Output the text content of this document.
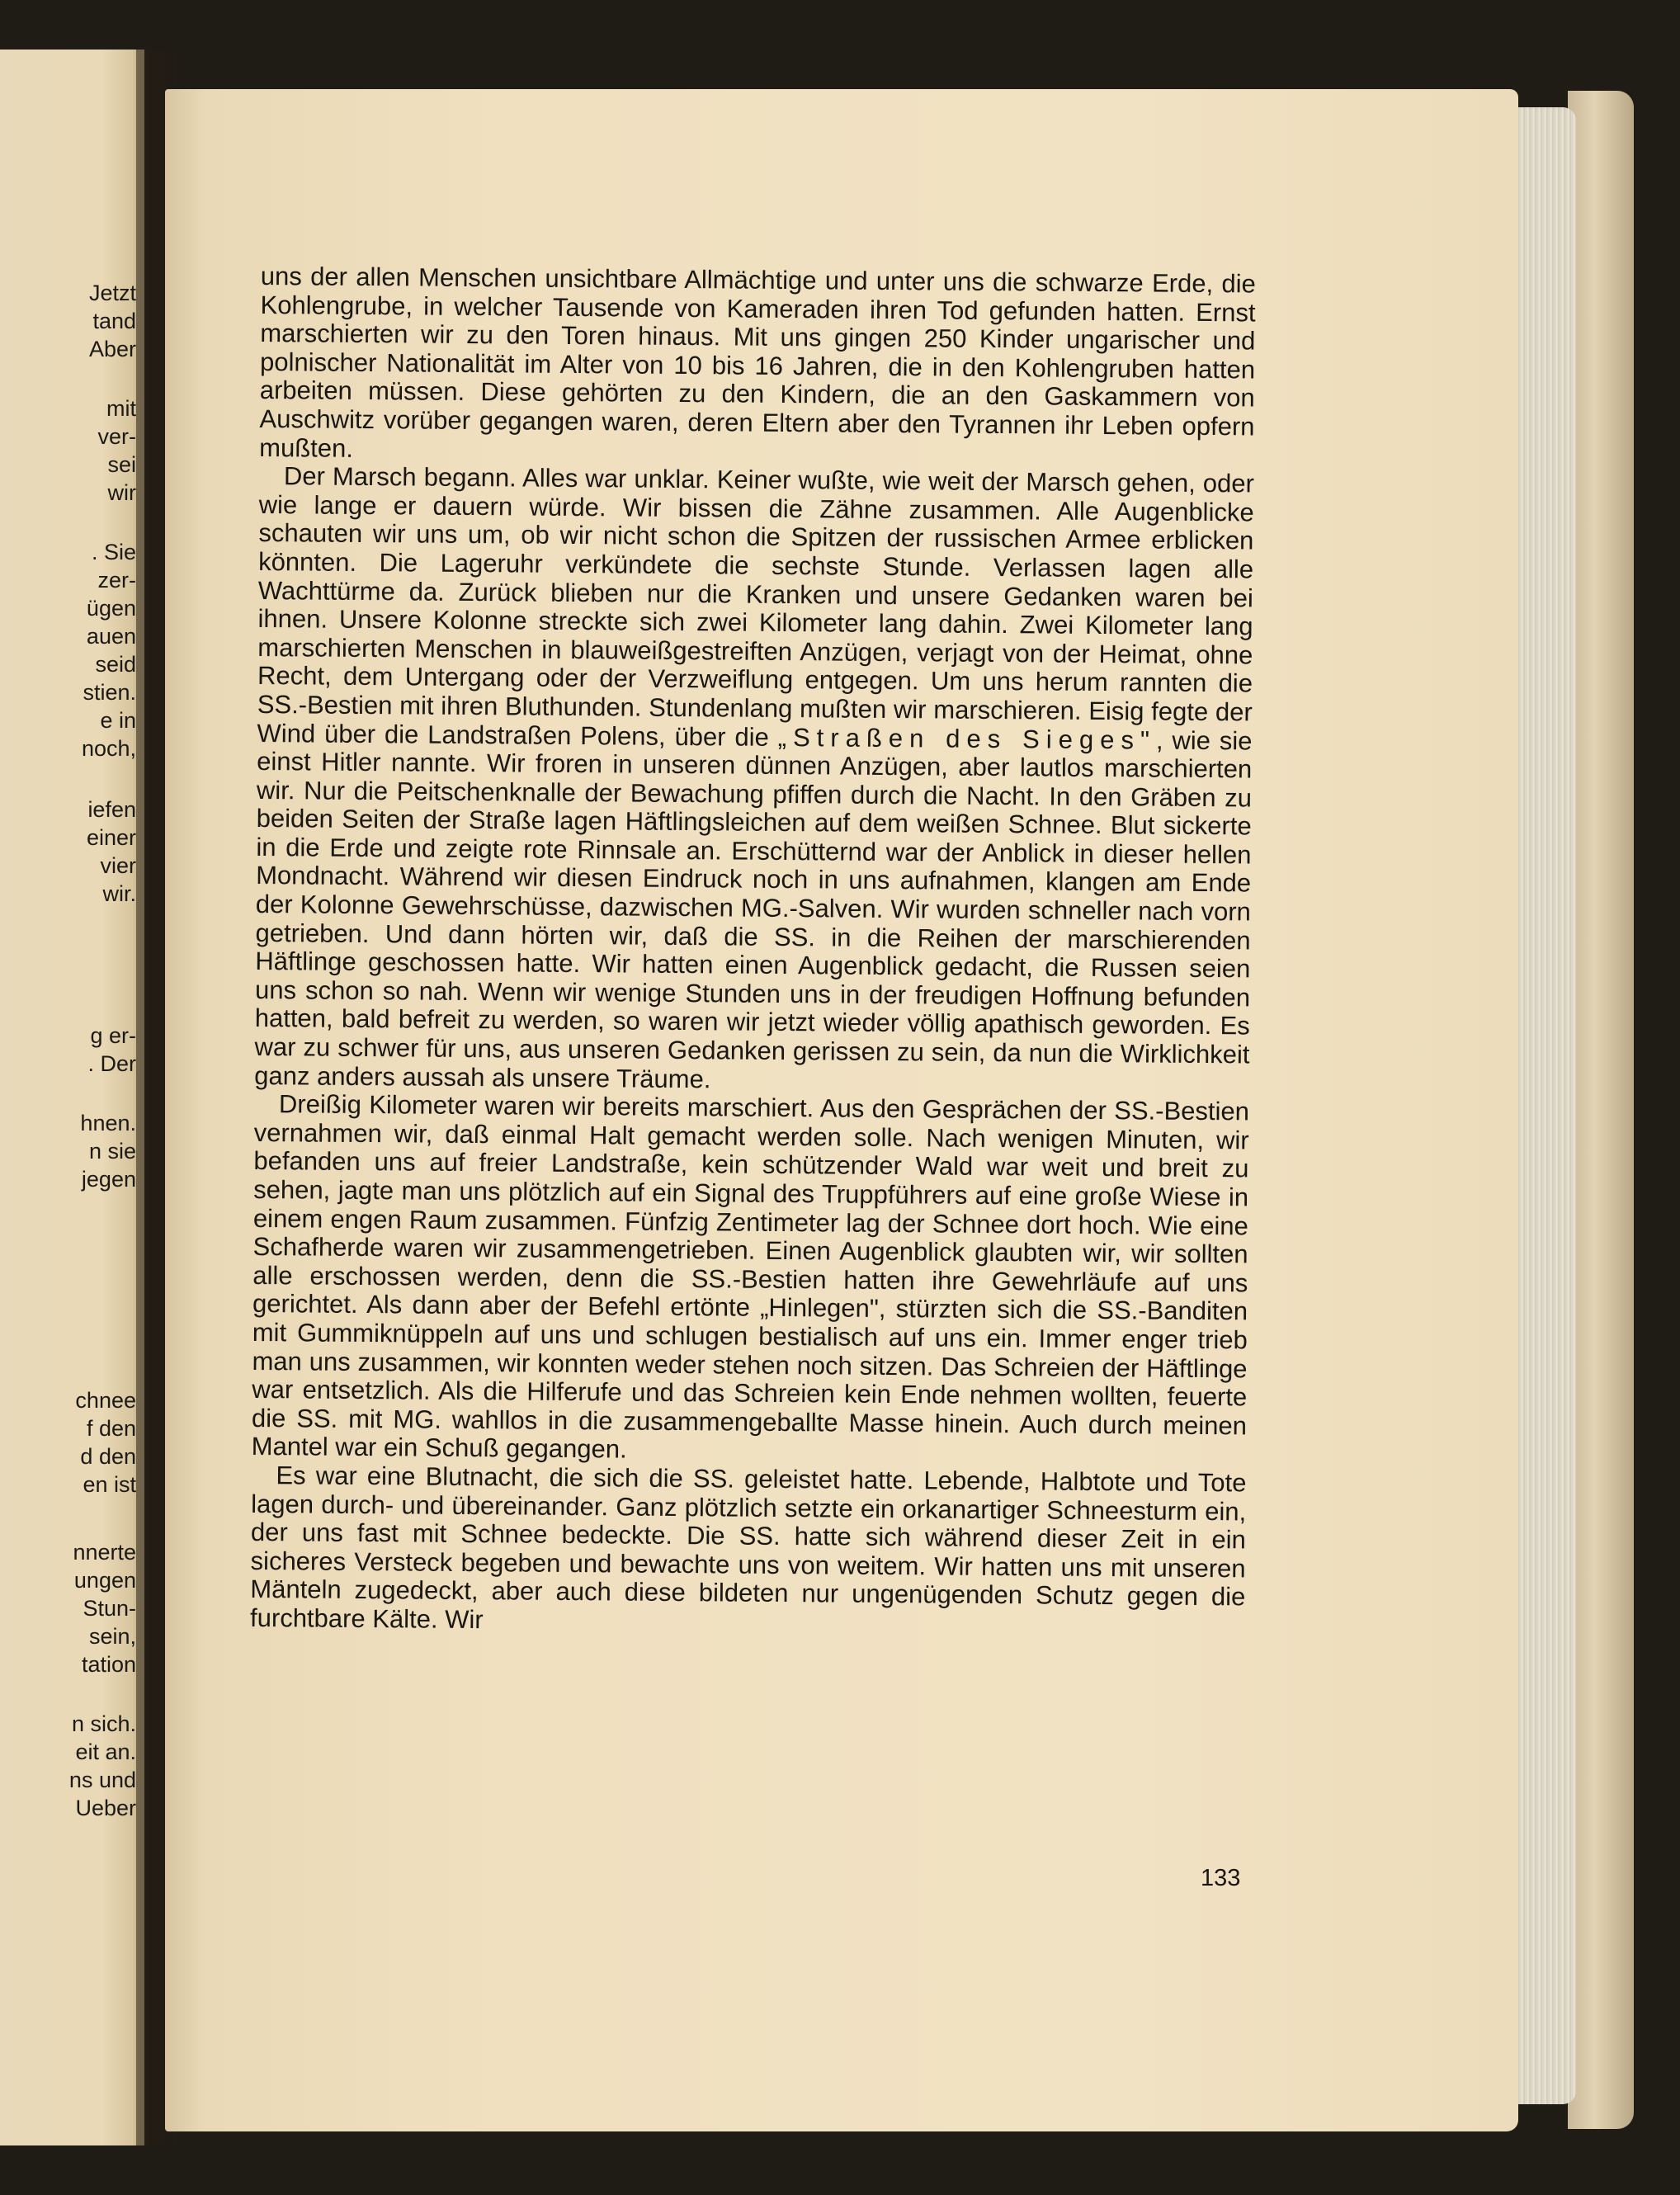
Jetzt
tand
Aber
mit
ver-
sei
wir
. Sie
zer-
ügen
auen
seid
stien.
e in
noch,
iefen
einer
vier
wir.
g er-
. Der
hnen.
n sie
jegen
chnee
f den
d den
en ist
nnerte
ungen
Stun-
sein,
tation
n sich.
eit an.
ns und
Ueber

uns der allen Menschen unsichtbare Allmächtige und unter uns die schwarze Erde, die Kohlengrube, in welcher Tausende von Kameraden ihren Tod gefunden hatten. Ernst marschierten wir zu den Toren hinaus. Mit uns gingen 250 Kinder ungarischer und polnischer Nationalität im Alter von 10 bis 16 Jahren, die in den Kohlengruben hatten arbeiten müssen. Diese gehörten zu den Kindern, die an den Gaskammern von Auschwitz vorüber gegangen waren, deren Eltern aber den Tyrannen ihr Leben opfern mußten.

Der Marsch begann. Alles war unklar. Keiner wußte, wie weit der Marsch gehen, oder wie lange er dauern würde. Wir bissen die Zähne zusammen. Alle Augenblicke schauten wir uns um, ob wir nicht schon die Spitzen der russischen Armee erblicken könnten. Die Lageruhr verkündete die sechste Stunde. Verlassen lagen alle Wachttürme da. Zurück blieben nur die Kranken und unsere Gedanken waren bei ihnen. Unsere Kolonne streckte sich zwei Kilometer lang dahin. Zwei Kilometer lang marschierten Menschen in blauweißgestreiften Anzügen, verjagt von der Heimat, ohne Recht, dem Untergang oder der Verzweiflung entgegen. Um uns herum rannten die SS.-Bestien mit ihren Bluthunden. Stundenlang mußten wir marschieren. Eisig fegte der Wind über die Landstraßen Polens, über die „Straßen des Sieges", wie sie einst Hitler nannte. Wir froren in unseren dünnen Anzügen, aber lautlos marschierten wir. Nur die Peitschenknalle der Bewachung pfiffen durch die Nacht. In den Gräben zu beiden Seiten der Straße lagen Häftlingsleichen auf dem weißen Schnee. Blut sickerte in die Erde und zeigte rote Rinnsale an. Erschütternd war der Anblick in dieser hellen Mondnacht. Während wir diesen Eindruck noch in uns aufnahmen, klangen am Ende der Kolonne Gewehrschüsse, dazwischen MG.-Salven. Wir wurden schneller nach vorn getrieben. Und dann hörten wir, daß die SS. in die Reihen der marschierenden Häftlinge geschossen hatte. Wir hatten einen Augenblick gedacht, die Russen seien uns schon so nah. Wenn wir wenige Stunden uns in der freudigen Hoffnung befunden hatten, bald befreit zu werden, so waren wir jetzt wieder völlig apathisch geworden. Es war zu schwer für uns, aus unseren Gedanken gerissen zu sein, da nun die Wirklichkeit ganz anders aussah als unsere Träume.

Dreißig Kilometer waren wir bereits marschiert. Aus den Gesprächen der SS.-Bestien vernahmen wir, daß einmal Halt gemacht werden solle. Nach wenigen Minuten, wir befanden uns auf freier Landstraße, kein schützender Wald war weit und breit zu sehen, jagte man uns plötzlich auf ein Signal des Truppführers auf eine große Wiese in einem engen Raum zusammen. Fünfzig Zentimeter lag der Schnee dort hoch. Wie eine Schafherde waren wir zusammengetrieben. Einen Augenblick glaubten wir, wir sollten alle erschossen werden, denn die SS.-Bestien hatten ihre Gewehrläufe auf uns gerichtet. Als dann aber der Befehl ertönte „Hinlegen", stürzten sich die SS.-Banditen mit Gummiknüppeln auf uns und schlugen bestialisch auf uns ein. Immer enger trieb man uns zusammen, wir konnten weder stehen noch sitzen. Das Schreien der Häftlinge war entsetzlich. Als die Hilferufe und das Schreien kein Ende nehmen wollten, feuerte die SS. mit MG. wahllos in die zusammengeballte Masse hinein. Auch durch meinen Mantel war ein Schuß gegangen.

Es war eine Blutnacht, die sich die SS. geleistet hatte. Lebende, Halbtote und Tote lagen durch- und übereinander. Ganz plötzlich setzte ein orkanartiger Schneesturm ein, der uns fast mit Schnee bedeckte. Die SS. hatte sich während dieser Zeit in ein sicheres Versteck begeben und bewachte uns von weitem. Wir hatten uns mit unseren Mänteln zugedeckt, aber auch diese bildeten nur ungenügenden Schutz gegen die furchtbare Kälte. Wir

133
